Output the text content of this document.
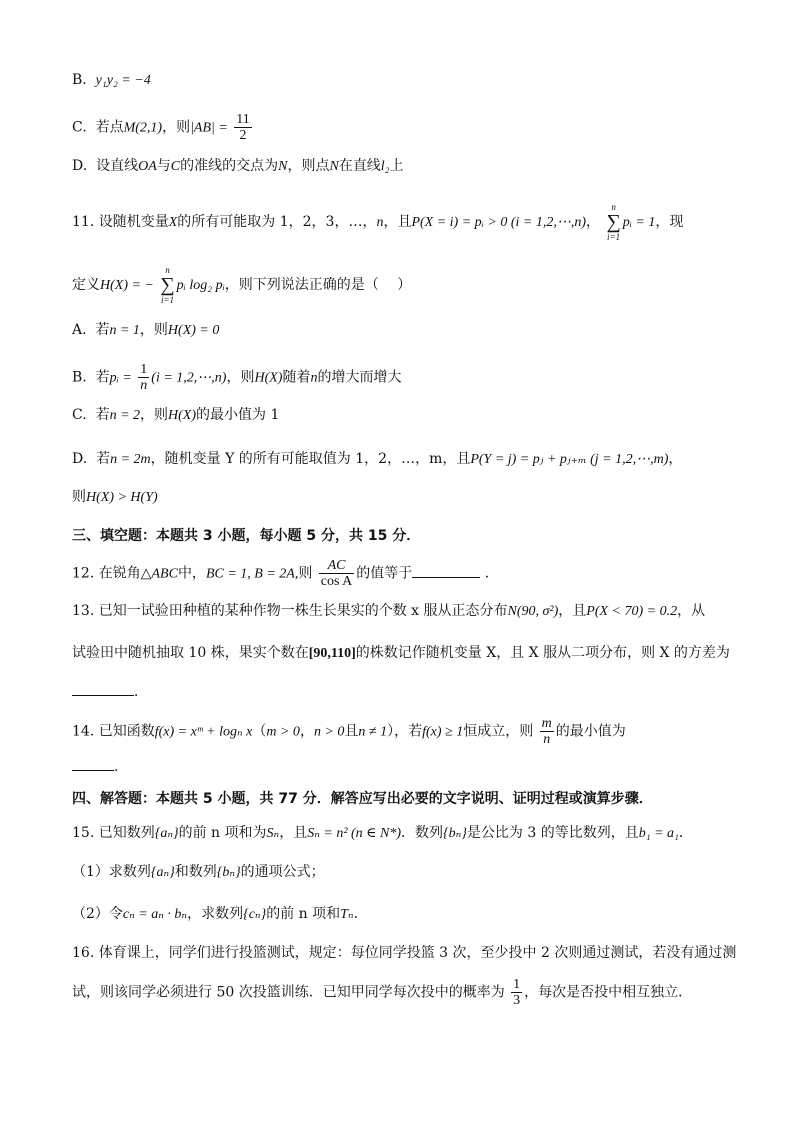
B. y₁y₂ = −4
C. 若点M(2,1)，则$|AB| = \frac{11}{2}$
D. 设直线OA与C的准线的交点为N，则点N在直线l₂上
11. 设随机变量X的所有可能取为 1，2，3，…，n，且P(X = i) = pᵢ > 0 (i = 1,2,⋯,n)，
n
∑
i=1
pᵢ = 1，现
定义H(X) = −
n
∑
i=1
pᵢ log₂ pᵢ，则下列说法正确的是（　 ）
A. 若n = 1，则H(X) = 0
B. 若pᵢ = $\frac{1}{n} (i$ = 1,2,⋯,n)，则H(X)随着n的增大而增大
C. 若n = 2，则H(X)的最小值为 1
D. 若n = 2m，随机变量 Y 的所有可能取值为 1，2，…，m，且P(Y = j) = pⱼ + pⱼ₊ₘ (j = 1,2,⋯,m)，
则H(X) > H(Y)
三、填空题：本题共 3 小题，每小题 5 分，共 15 分．
12. 在锐角△ABC中，BC = 1, B = 2A,则 $\frac{AC}{\text{cos A}}$ 的值等于	．
13. 已知一试验田种植的某种作物一株生长果实的个数 x 服从正态分布N(90, σ²)，且P(X < 70) = 0.2，从
试验田中随机抽取 10 株，果实个数在[90,110]的株数记作随机变量 X，且 X 服从二项分布，则 X 的方差为
．
14. 已知函数f(x) = xᵐ + logₙ x（m > 0，n > 0且n ≠ 1），若f(x) ≥ 1恒成立，则 $\frac{m}{n}$ 的最小值为
．
四、解答题：本题共 5 小题，共 77 分．解答应写出必要的文字说明、证明过程或演算步骤．
15. 已知数列{aₙ}的前 n 项和为Sₙ，且Sₙ = n² (n ∈ N*)．数列{bₙ}是公比为 3 的等比数列，且b₁ = a₁．
（1）求数列{aₙ}和数列{bₙ}的通项公式；
（2）令cₙ = aₙ · bₙ，求数列{cₙ}的前 n 项和Tₙ．
16. 体育课上，同学们进行投篮测试，规定：每位同学投篮 3 次，至少投中 2 次则通过测试，若没有通过测
试，则该同学必须进行 50 次投篮训练．已知甲同学每次投中的概率为 $\frac{1}{3}$ ，每次是否投中相互独立．
